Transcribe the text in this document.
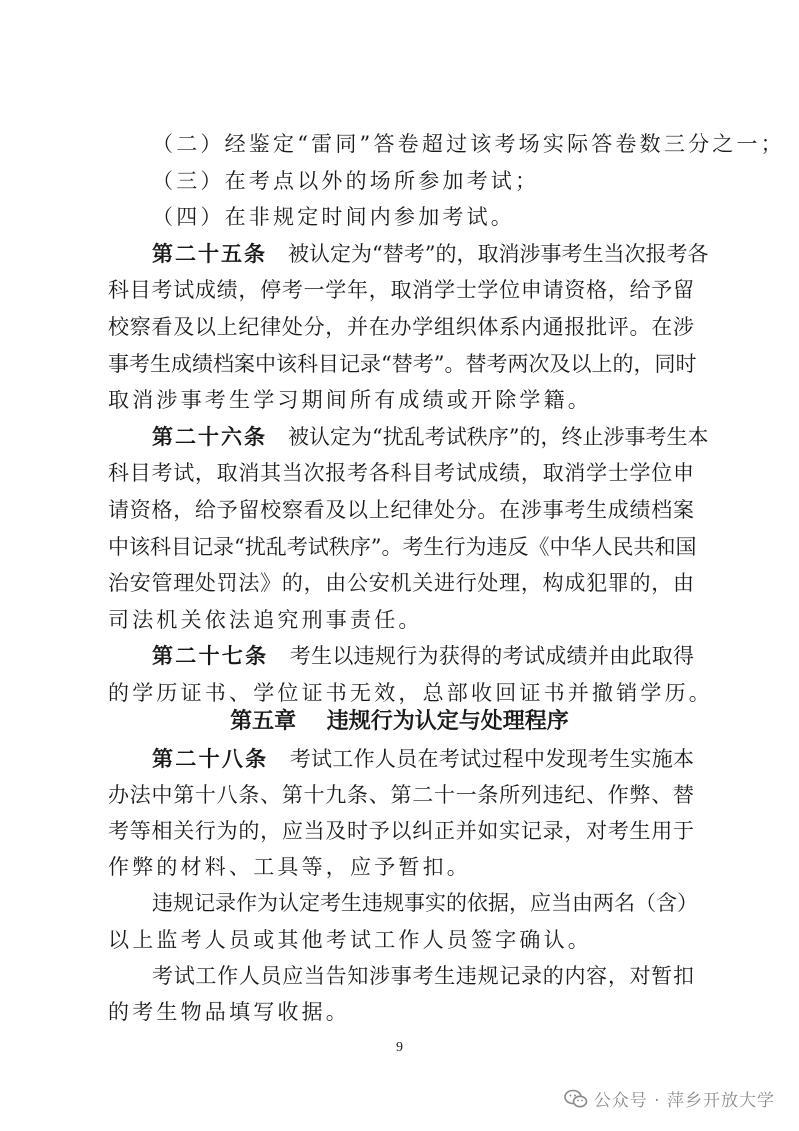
（二）经鉴定“雷同”答卷超过该考场实际答卷数三分之一；
（三）在考点以外的场所参加考试；
（四）在非规定时间内参加考试。
第二十五条　被认定为“替考”的，取消涉事考生当次报考各
科目考试成绩，停考一学年，取消学士学位申请资格，给予留
校察看及以上纪律处分，并在办学组织体系内通报批评。在涉
事考生成绩档案中该科目记录“替考”。替考两次及以上的，同时
取消涉事考生学习期间所有成绩或开除学籍。
第二十六条　被认定为“扰乱考试秩序”的，终止涉事考生本
科目考试，取消其当次报考各科目考试成绩，取消学士学位申
请资格，给予留校察看及以上纪律处分。在涉事考生成绩档案
中该科目记录“扰乱考试秩序”。考生行为违反《中华人民共和国
治安管理处罚法》的，由公安机关进行处理，构成犯罪的，由
司法机关依法追究刑事责任。
第二十七条　考生以违规行为获得的考试成绩并由此取得
的学历证书、学位证书无效，总部收回证书并撤销学历。
第二十八条　考试工作人员在考试过程中发现考生实施本
办法中第十八条、第十九条、第二十一条所列违纪、作弊、替
考等相关行为的，应当及时予以纠正并如实记录，对考生用于
作弊的材料、工具等，应予暂扣。
违规记录作为认定考生违规事实的依据，应当由两名（含）
以上监考人员或其他考试工作人员签字确认。
考试工作人员应当告知涉事考生违规记录的内容，对暂扣
的考生物品填写收据。
第五章    违规行为认定与处理程序
9
公众号 · 萍乡开放大学
